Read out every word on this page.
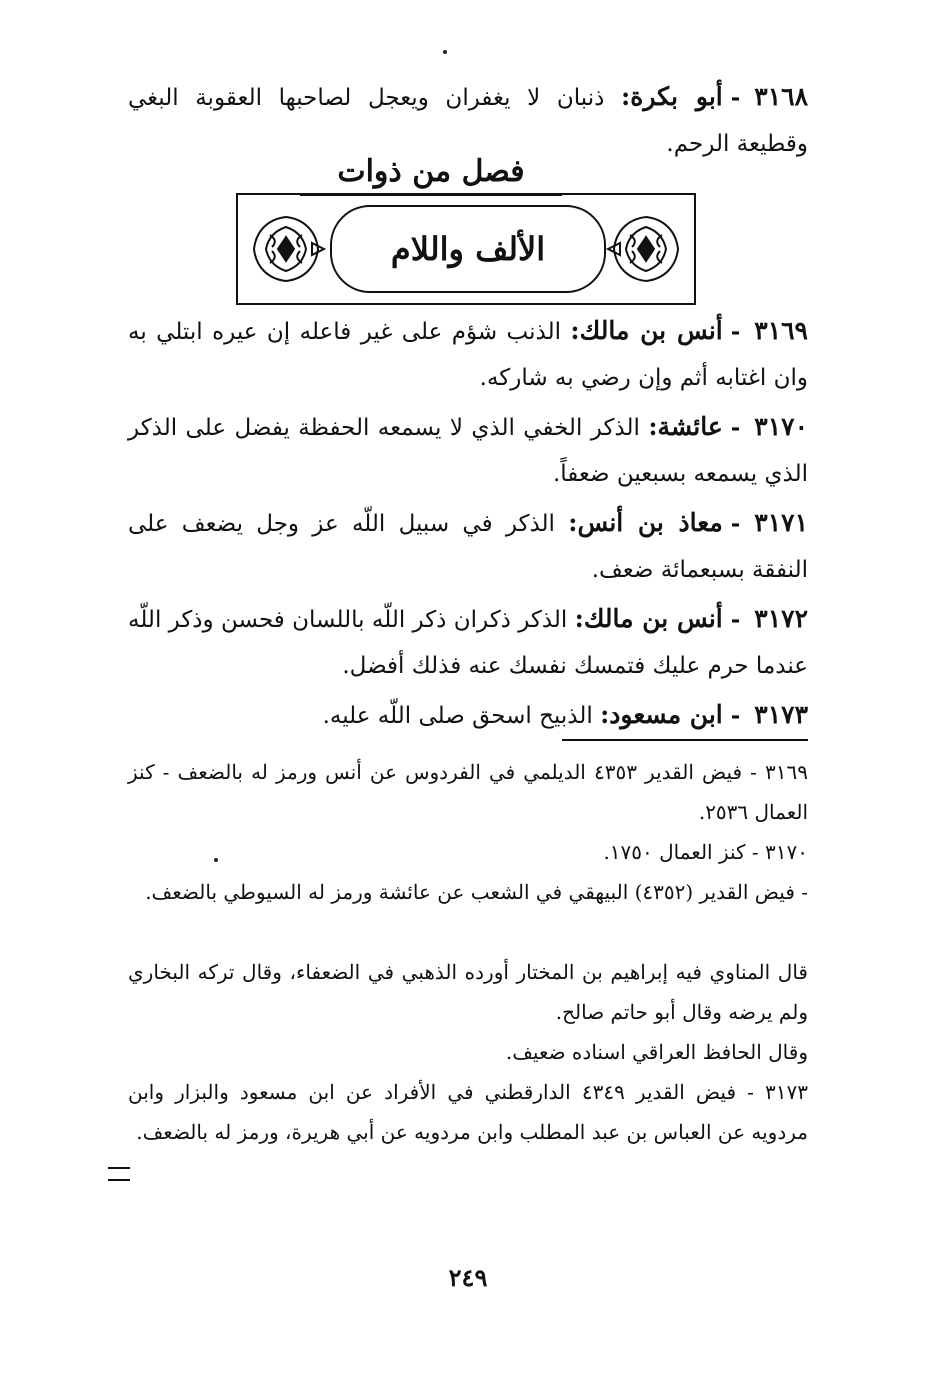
٣١٦٨-أبو بكرة: ذنبان لا يغفران ويعجل لصاحبها العقوبة البغي وقطيعة الرحم.
فصل من ذوات
الألف واللام
٣١٦٩-أنس بن مالك: الذنب شؤم على غير فاعله إن عيره ابتلي به وان اغتابه أثم وإن رضي به شاركه.
٣١٧٠-عائشة: الذكر الخفي الذي لا يسمعه الحفظة يفضل على الذكر الذي يسمعه بسبعين ضعفاً.
٣١٧١-معاذ بن أنس: الذكر في سبيل اللّه عز وجل يضعف على النفقة بسبعمائة ضعف.
٣١٧٢-أنس بن مالك: الذكر ذكران ذكر اللّه باللسان فحسن وذكر اللّه عندما حرم عليك فتمسك نفسك عنه فذلك أفضل.
٣١٧٣-ابن مسعود: الذبيح اسحق صلى اللّه عليه.
٣١٦٩ - فيض القدير ٤٣٥٣ الديلمي في الفردوس عن أنس ورمز له بالضعف - كنز العمال ٢٥٣٦.
٣١٧٠ - كنز العمال ١٧٥٠.
- فيض القدير (٤٣٥٢) البيهقي في الشعب عن عائشة ورمز له السيوطي بالضعف.
قال المناوي فيه إبراهيم بن المختار أورده الذهبي في الضعفاء، وقال تركه البخاري ولم يرضه وقال أبو حاتم صالح.
وقال الحافظ العراقي اسناده ضعيف.
٣١٧٣ - فيض القدير ٤٣٤٩ الدارقطني في الأفراد عن ابن مسعود والبزار وابن مردويه عن العباس بن عبد المطلب وابن مردويه عن أبي هريرة، ورمز له بالضعف.
٢٤٩
